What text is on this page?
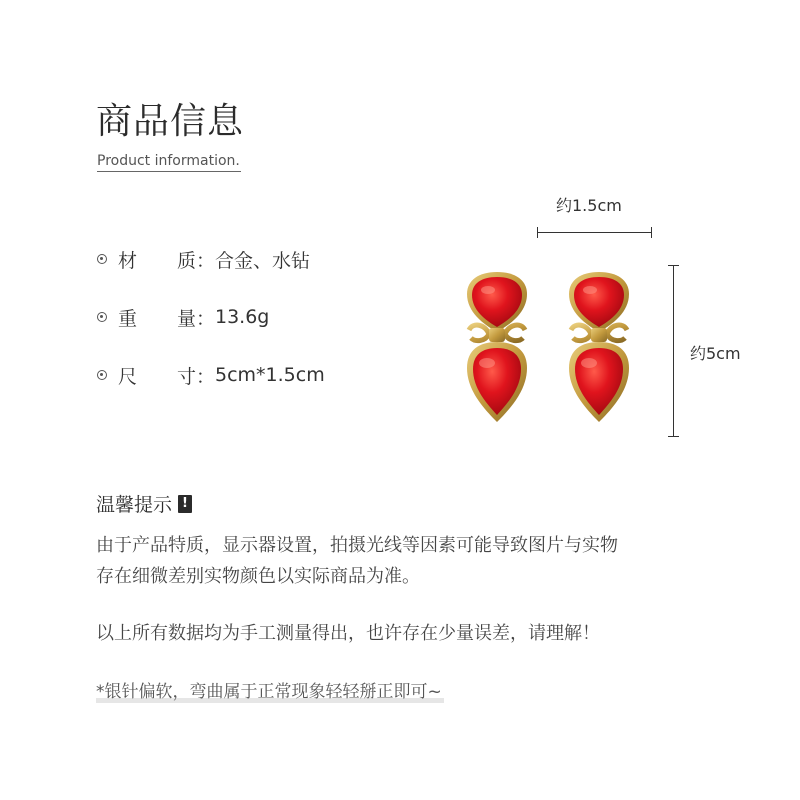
商品信息
Product information.
材 质： 合金、水钻
重 量： 13.6g
尺 寸： 5cm*1.5cm
约1.5cm
约5cm
温馨提示 !
由于产品特质，显示器设置，拍摄光线等因素可能导致图片与实物
存在细微差别实物颜色以实际商品为准。
以上所有数据均为手工测量得出，也许存在少量误差，请理解！
*银针偏软，弯曲属于正常现象轻轻掰正即可~
